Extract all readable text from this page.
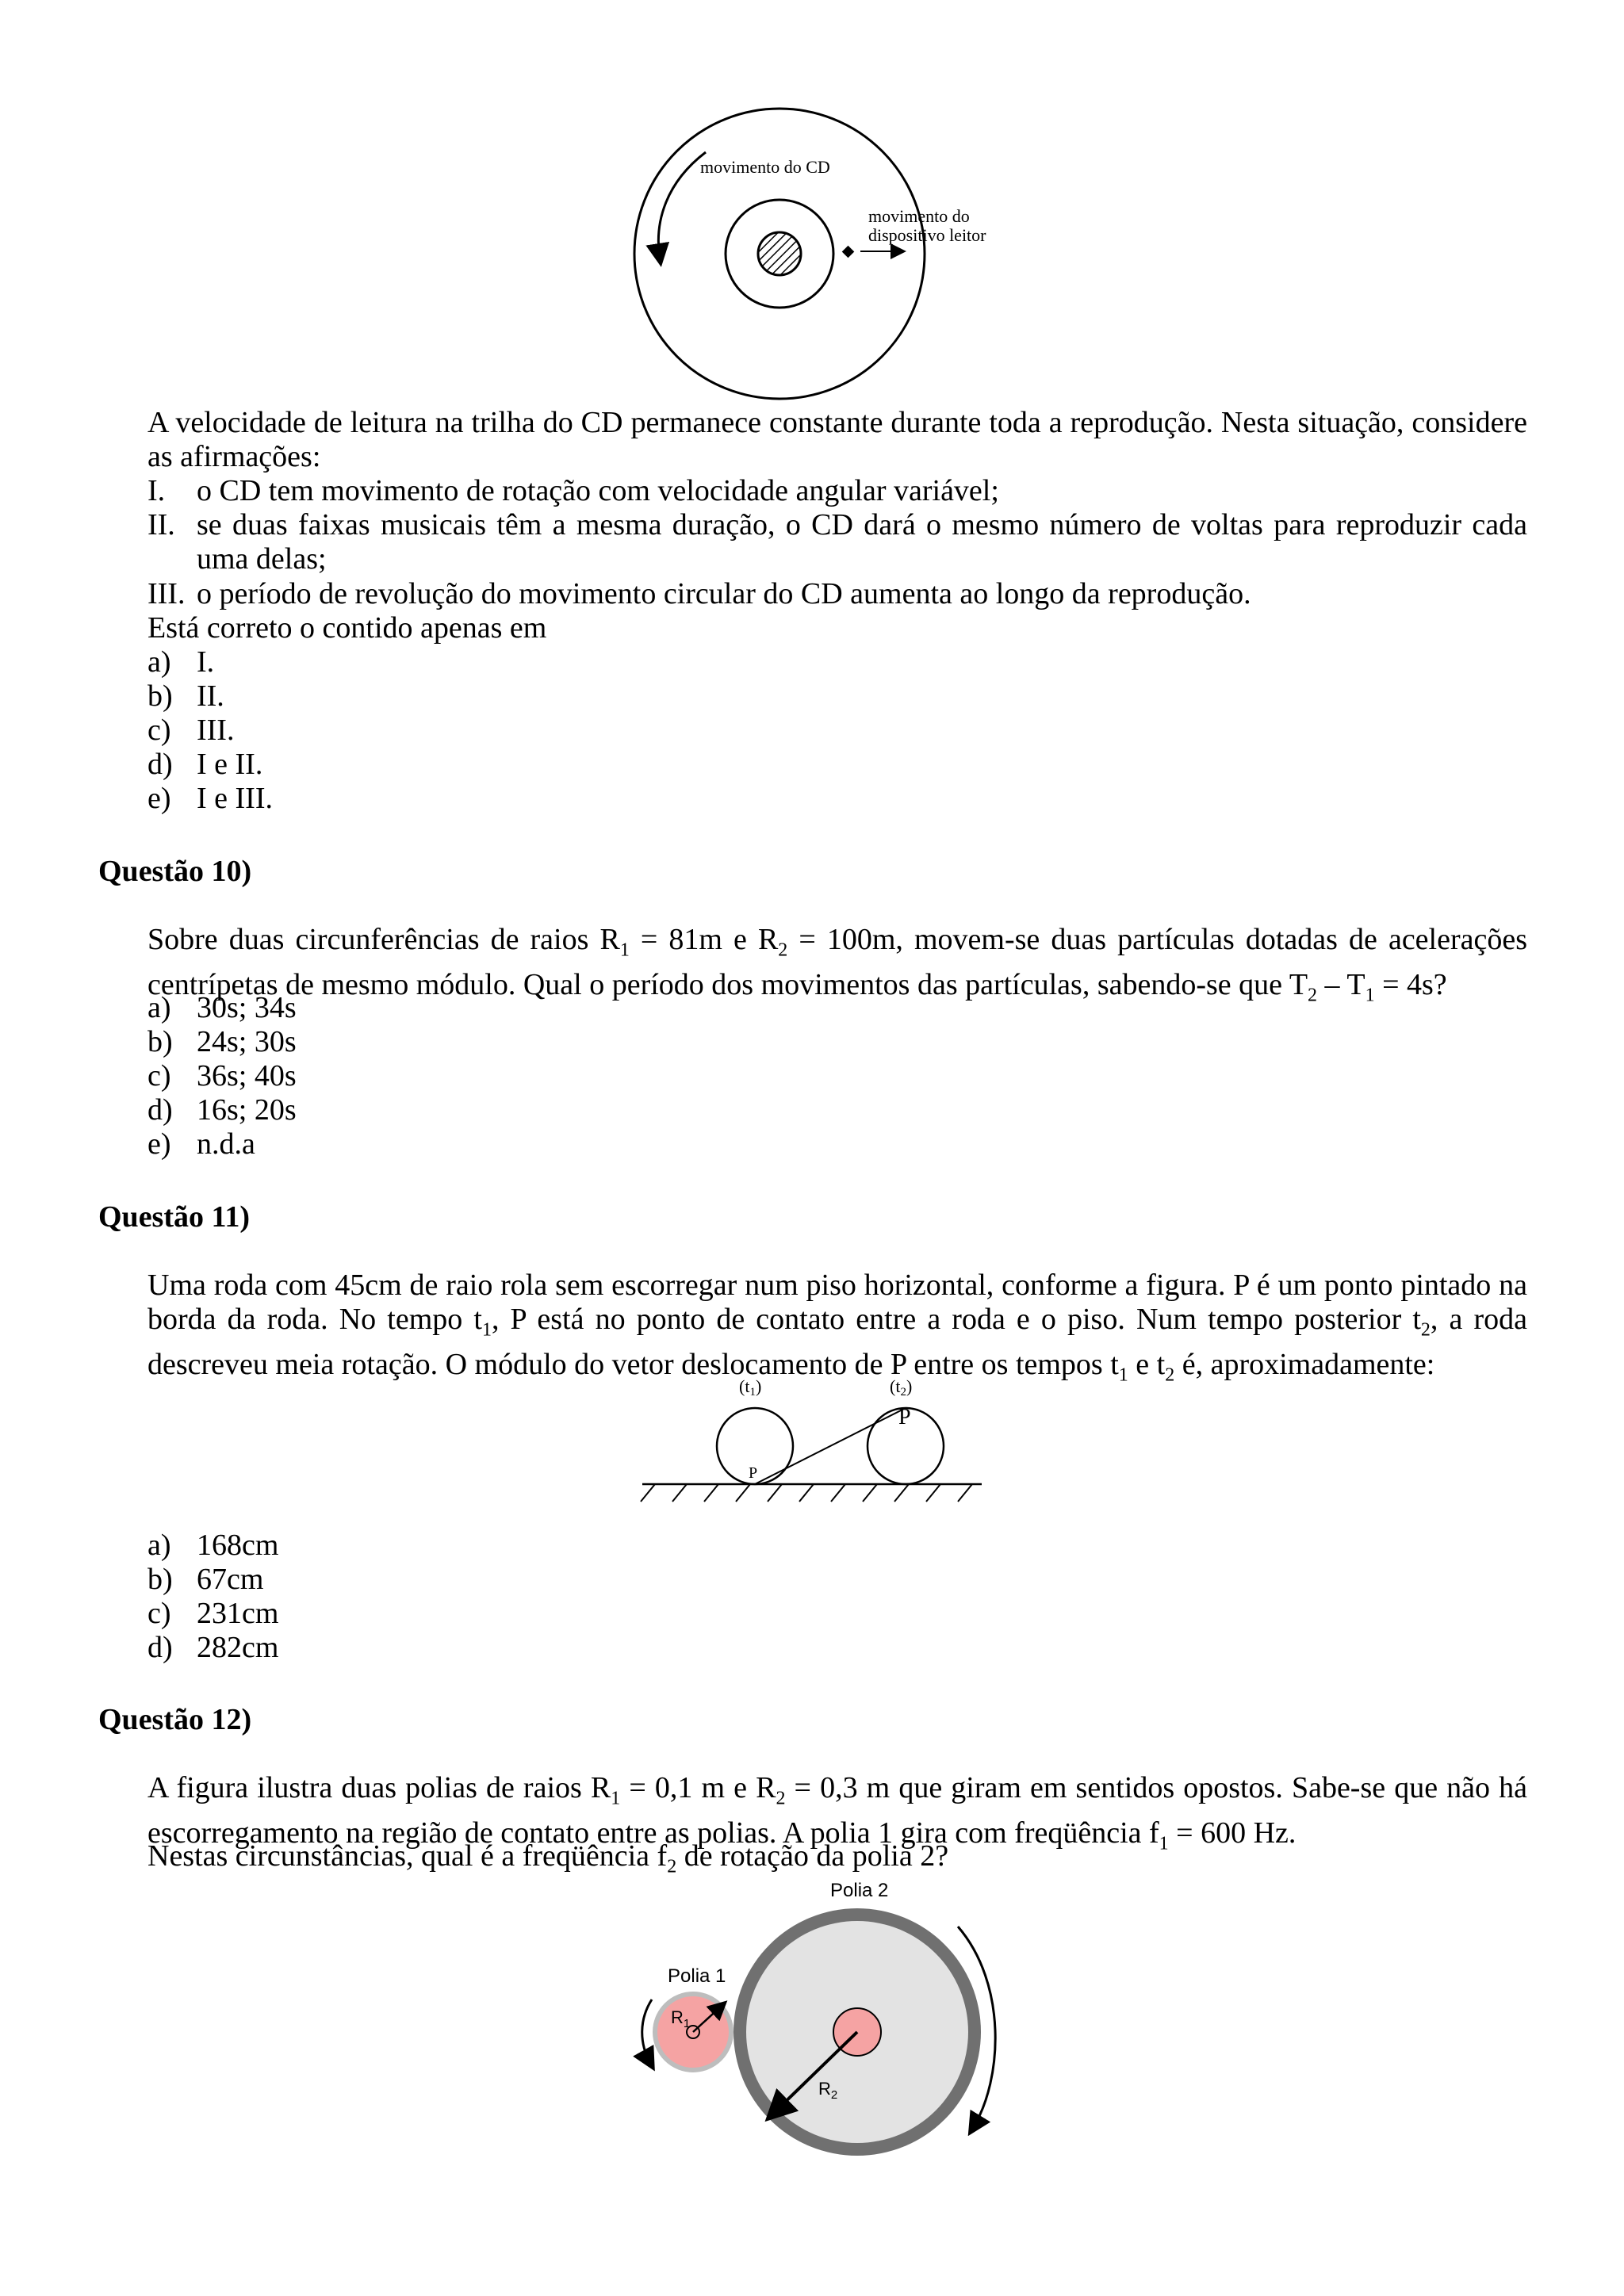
movimento do CD
movimento do
dispositivo leitor
A velocidade de leitura na trilha do CD permanece constante durante toda a reprodução. Nesta situação, considere as afirmações:
I. o CD tem movimento de rotação com velocidade angular variável;
II. se duas faixas musicais têm a mesma duração, o CD dará o mesmo número de voltas para reproduzir cada uma delas;
III. o período de revolução do movimento circular do CD aumenta ao longo da reprodução.
Está correto o contido apenas em
a) I.
b) II.
c) III.
d) I e II.
e) I e III.
Questão 10)
Sobre duas circunferências de raios $R_1 = 81m$ e $R_2 = 100m$, movem-se duas partículas dotadas de acelerações centrípetas de mesmo módulo. Qual o período dos movimentos das partículas, sabendo-se que $T_2 - T_1 = 4s$?
a) 30s; 34s
b) 24s; 30s
c) 36s; 40s
d) 16s; 20s
e) n.d.a
Questão 11)
Uma roda com 45cm de raio rola sem escorregar num piso horizontal, conforme a figura. P é um ponto pintado na borda da roda. No tempo $t_1$, P está no ponto de contato entre a roda e o piso. Num tempo posterior $t_2$, a roda descreveu meia rotação. O módulo do vetor deslocamento de P entre os tempos $t_1$ e $t_2$ é, aproximadamente:
(t1)	(t2)
P
P
a) 168cm
b) 67cm
c) 231cm
d) 282cm
Questão 12)
A figura ilustra duas polias de raios $R_1 = 0,1$ m e $R_2 = 0,3$ m que giram em sentidos opostos. Sabe-se que não há escorregamento na região de contato entre as polias. A polia 1 gira com freqüência $f_1 = 600$ Hz.
Nestas circunstâncias, qual é a freqüência $f_2$ de rotação da polia 2?
Polia 2
$R_2$
$R_1$
Polia 1
